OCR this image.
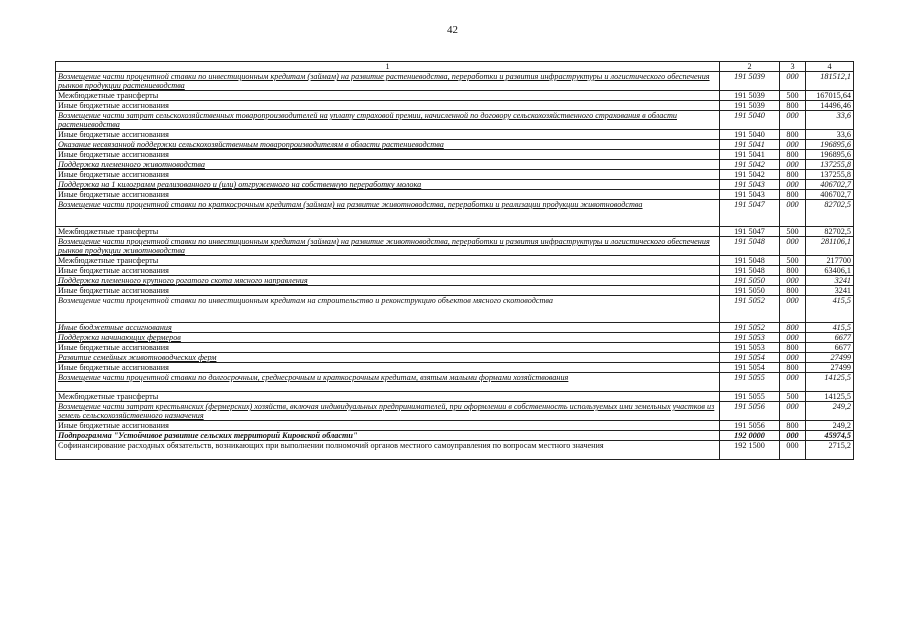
42
1	2	3	4
Возмещение части процентной ставки по инвестиционным кредитам (займам) на развитие растениеводства, переработки и развития инфраструктуры и логистического обеспечения рынков продукции растениеводства	191 5039	000	181512,1
Межбюджетные трансферты	191 5039	500	167015,64
Иные бюджетные ассигнования	191 5039	800	14496,46
Возмещение части затрат сельскохозяйственных товаропроизводителей на уплату страховой премии, начисленной по договору сельскохозяйственного страхования в области растениеводства	191 5040	000	33,6
Иные бюджетные ассигнования	191 5040	800	33,6
Оказание несвязанной поддержки сельскохозяйственным товаропроизводителям в области растениеводства	191 5041	000	196895,6
Иные бюджетные ассигнования	191 5041	800	196895,6
Поддержка племенного животноводства	191 5042	000	137255,8
Иные бюджетные ассигнования	191 5042	800	137255,8
Поддержка на 1 килограмм реализованного и (или) отгруженного на собственную переработку молока	191 5043	000	406702,7
Иные бюджетные ассигнования	191 5043	800	406702,7
Возмещение части процентной ставки по краткосрочным кредитам (займам) на развитие животноводства, переработки и реализации продукции животноводства	191 5047	000	82702,5
Межбюджетные трансферты	191 5047	500	82702,5
Возмещение части процентной ставки по инвестиционным кредитам (займам) на развитие животноводства, переработки и развития инфраструктуры и логистического обеспечения рынков продукции животноводства	191 5048	000	281106,1
Межбюджетные трансферты	191 5048	500	217700
Иные бюджетные ассигнования	191 5048	800	63406,1
Поддержка племенного крупного рогатого скота мясного направления	191 5050	000	3241
Иные бюджетные ассигнования	191 5050	800	3241
Возмещение части процентной ставки по инвестиционным кредитам на строительство и реконструкцию объектов мясного скотоводства	191 5052	000	415,5
Иные бюджетные ассигнования	191 5052	800	415,5
Поддержка начинающих фермеров	191 5053	000	6677
Иные бюджетные ассигнования	191 5053	800	6677
Развитие семейных животноводческих ферм	191 5054	000	27499
Иные бюджетные ассигнования	191 5054	800	27499
Возмещение части процентной ставки по долгосрочным, среднесрочным и краткосрочным кредитам, взятым малыми формами хозяйствования	191 5055	000	14125,5
Межбюджетные трансферты	191 5055	500	14125,5
Возмещение части затрат крестьянских (фермерских) хозяйств, включая индивидуальных предпринимателей, при оформлении в собственность используемых ими земельных участков из земель сельскохозяйственного назначения	191 5056	000	249,2
Иные бюджетные ассигнования	191 5056	800	249,2
Подпрограмма "Устойчивое развитие сельских территорий Кировской области"	192 0000	000	45974,5
Софинансирование расходных обязательств, возникающих при выполнении полномочий органов местного самоуправления по вопросам местного значения	192 1500	000	2715,2
